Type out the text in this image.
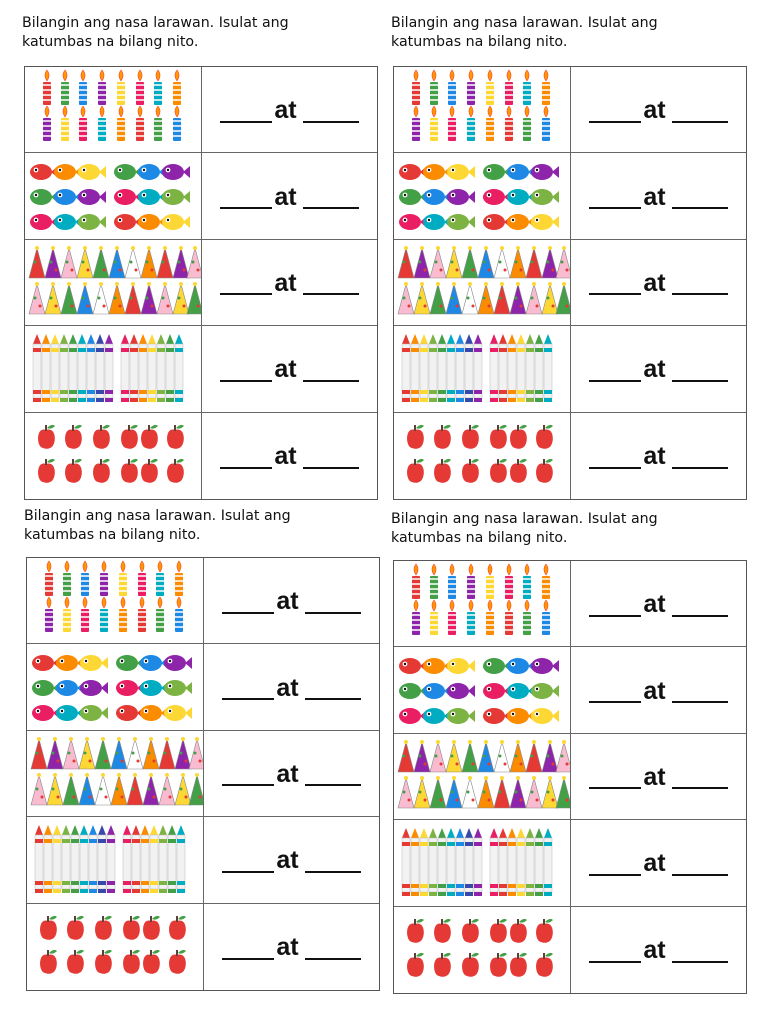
Bilangin ang nasa larawan. Isulat ang
katumbas na bilang nito.
at
at
at
at
at
Bilangin ang nasa larawan. Isulat ang
katumbas na bilang nito.
at
at
at
at
at
Bilangin ang nasa larawan. Isulat ang
katumbas na bilang nito.
at
at
at
at
at
Bilangin ang nasa larawan. Isulat ang
katumbas na bilang nito.
at
at
at
at
at
